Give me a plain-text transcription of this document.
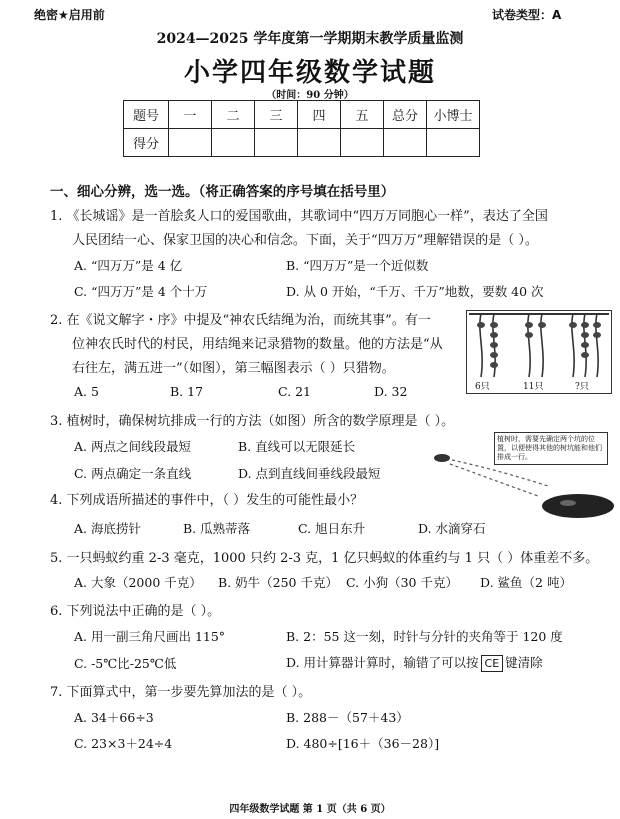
绝密★启用前	试卷类型：A
2024—2025 学年度第一学期期末教学质量监测
小学四年级数学试题
（时间：90 分钟）
题号	一	二	三	四	五	总分	小博士
得分							
一、细心分辨，选一选。（将正确答案的序号填在括号里）
1. 《长城谣》是一首脍炙人口的爱国歌曲，其歌词中“四万万同胞心一样”，表达了全国
人民团结一心、保家卫国的决心和信念。下面，关于“四万万”理解错误的是（ ）。
A. “四万万”是 4 亿	B. “四万万”是一个近似数
C. “四万万”是 4 个十万	D. 从 0 开始，“千万、千万”地数，要数 40 次
2. 在《说文解字・序》中提及“神农氏结绳为治，而统其事”。有一
位神农氏时代的村民，用结绳来记录猎物的数量。他的方法是“从
右往左，满五进一”（如图），第三幅图表示（ ）只猎物。
A. 5	B. 17	C. 21	D. 32	6只	11只	?只
3. 植树时，确保树坑排成一行的方法（如图）所含的数学原理是（ ）。
A. 两点之间线段最短	B. 直线可以无限延长
C. 两点确定一条直线	D. 点到直线间垂线段最短
植树时，需要先确定两个坑的位置，以便使得其他的树坑能和他们排成一行。
4. 下列成语所描述的事件中，（ ）发生的可能性最小？
A. 海底捞针	B. 瓜熟蒂落	C. 旭日东升	D. 水滴穿石
5. 一只蚂蚁约重 2-3 毫克，1000 只约 2-3 克，1 亿只蚂蚁的体重约与 1 只（ ）体重差不多。
A. 大象（2000 千克） B. 奶牛（250 千克） C. 小狗（30 千克） D. 鲨鱼（2 吨）
6. 下列说法中正确的是（ ）。
A. 用一副三角尺画出 115°	B. 2：55 这一刻，时针与分针的夹角等于 120 度
C. -5℃比-25℃低	D. 用计算器计算时，输错了可以按 CE 键清除
7. 下面算式中，第一步要先算加法的是（ ）。
A. 34＋66÷3	B. 288－（57＋43）
C. 23×3＋24÷4	D. 480÷[16＋（36－28）]
四年级数学试题 第 1 页（共 6 页）
